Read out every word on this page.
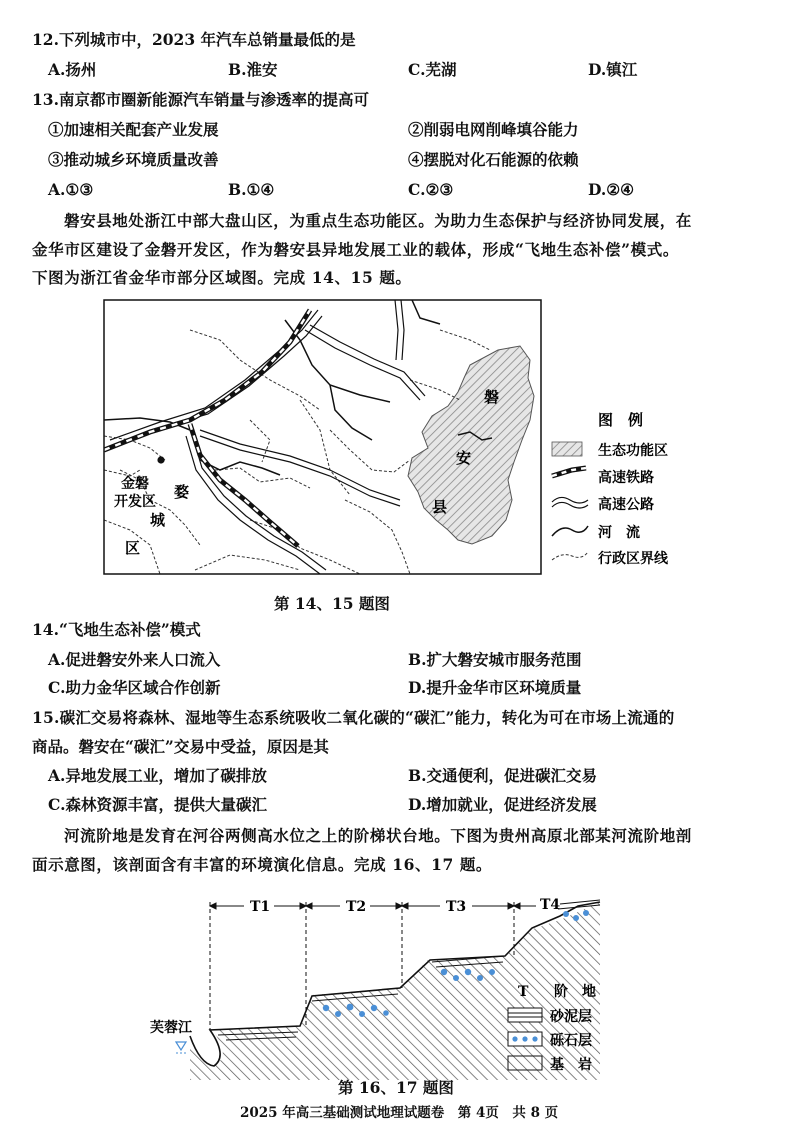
12.下列城市中，2023 年汽车总销量最低的是
A.扬州	B.淮安	C.芜湖	D.镇江
13.南京都市圈新能源汽车销量与渗透率的提高可
①加速相关配套产业发展	②削弱电网削峰填谷能力
③推动城乡环境质量改善	④摆脱对化石能源的依赖
A.①③	B.①④	C.②③	D.②④
磐安县地处浙江中部大盘山区，为重点生态功能区。为助力生态保护与经济协同发展，在
金华市区建设了金磐开发区，作为磐安县异地发展工业的载体，形成“飞地生态补偿”模式。
下图为浙江省金华市部分区域图。完成 14、15 题。
磐
安
县
金磐
开发区
婺
城
区
图　例
生态功能区
高速铁路
高速公路
河　流
行政区界线
第 14、15 题图
14.“飞地生态补偿”模式
A.促进磐安外来人口流入	B.扩大磐安城市服务范围
C.助力金华区域合作创新	D.提升金华市区环境质量
15.碳汇交易将森林、湿地等生态系统吸收二氧化碳的“碳汇”能力，转化为可在市场上流通的
商品。磐安在“碳汇”交易中受益，原因是其
A.异地发展工业，增加了碳排放	B.交通便利，促进碳汇交易
C.森林资源丰富，提供大量碳汇	D.增加就业，促进经济发展
河流阶地是发育在河谷两侧高水位之上的阶梯状台地。下图为贵州高原北部某河流阶地剖
面示意图，该剖面含有丰富的环境演化信息。完成 16、17 题。
T1	T2	T3	T4
芙蓉江
T 阶　地
砂泥层
砾石层
基　岩
第 16、17 题图
2025 年高三基础测试地理试题卷　第 4页　共 8 页
